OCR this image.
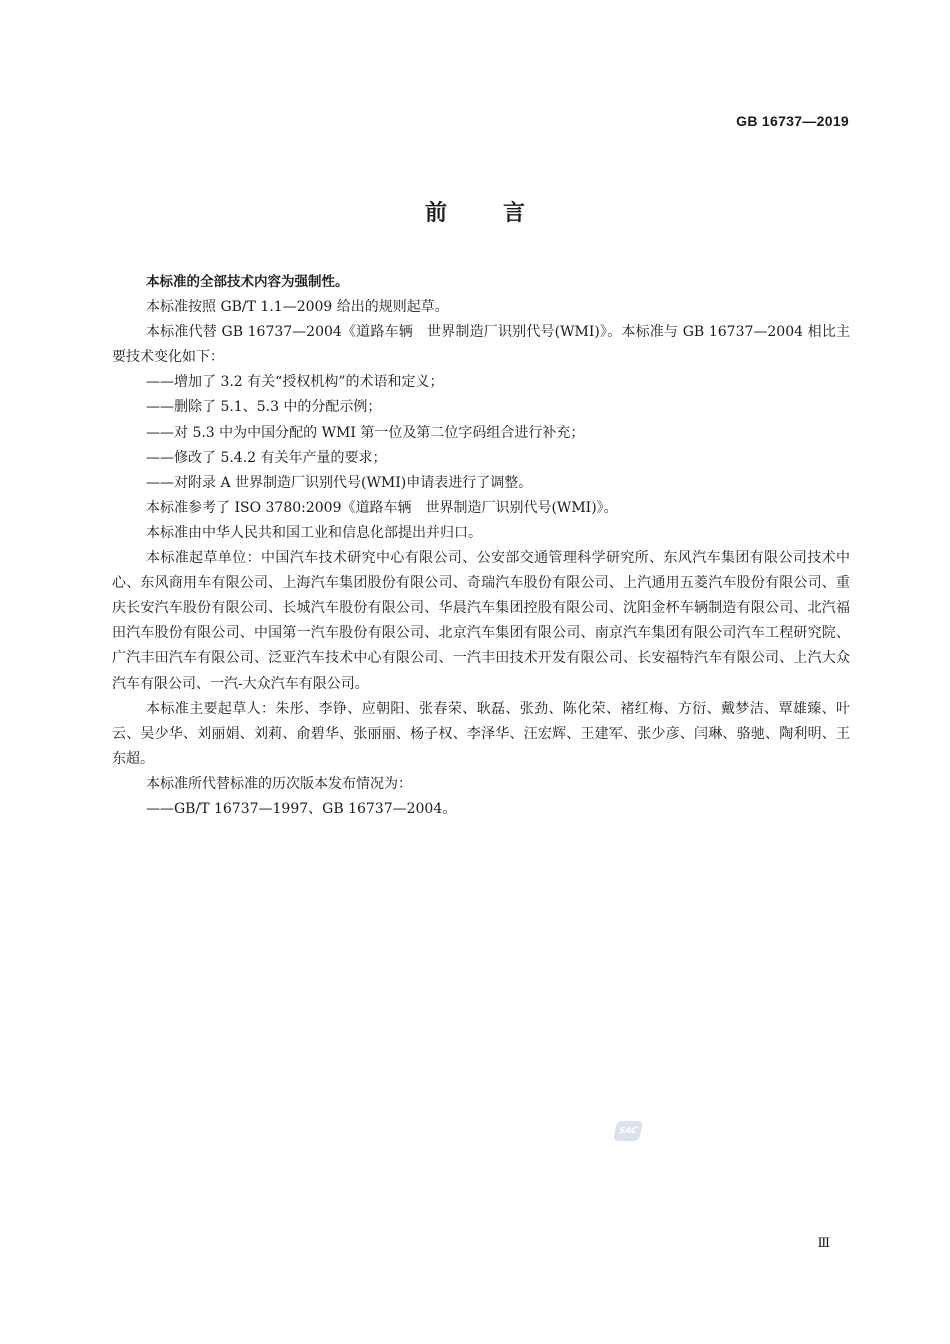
GB 16737—2019
前言

本标准的全部技术内容为强制性。

本标准按照 GB/T 1.1—2009 给出的规则起草。

本标准代替 GB 16737—2004《道路车辆　世界制造厂识别代号(WMI)》。本标准与 GB 16737—2004 相比主要技术变化如下：

——增加了 3.2 有关“授权机构”的术语和定义；

——删除了 5.1、5.3 中的分配示例；

——对 5.3 中为中国分配的 WMI 第一位及第二位字码组合进行补充；

——修改了 5.4.2 有关年产量的要求；

——对附录 A 世界制造厂识别代号(WMI)申请表进行了调整。

本标准参考了 ISO 3780:2009《道路车辆　世界制造厂识别代号(WMI)》。

本标准由中华人民共和国工业和信息化部提出并归口。

本标准起草单位：中国汽车技术研究中心有限公司、公安部交通管理科学研究所、东风汽车集团有限公司技术中心、东风商用车有限公司、上海汽车集团股份有限公司、奇瑞汽车股份有限公司、上汽通用五菱汽车股份有限公司、重庆长安汽车股份有限公司、长城汽车股份有限公司、华晨汽车集团控股有限公司、沈阳金杯车辆制造有限公司、北汽福田汽车股份有限公司、中国第一汽车股份有限公司、北京汽车集团有限公司、南京汽车集团有限公司汽车工程研究院、广汽丰田汽车有限公司、泛亚汽车技术中心有限公司、一汽丰田技术开发有限公司、长安福特汽车有限公司、上汽大众汽车有限公司、一汽-大众汽车有限公司。

本标准主要起草人：朱彤、李铮、应朝阳、张春荣、耿磊、张劲、陈化荣、褚红梅、方衍、戴梦洁、覃雄臻、叶云、吴少华、刘丽娟、刘莉、俞碧华、张丽丽、杨子权、李泽华、汪宏辉、王建军、张少彦、闫琳、骆驰、陶利明、王东超。

本标准所代替标准的历次版本发布情况为：

——GB/T 16737—1997、GB 16737—2004。

SAC
Ⅲ
